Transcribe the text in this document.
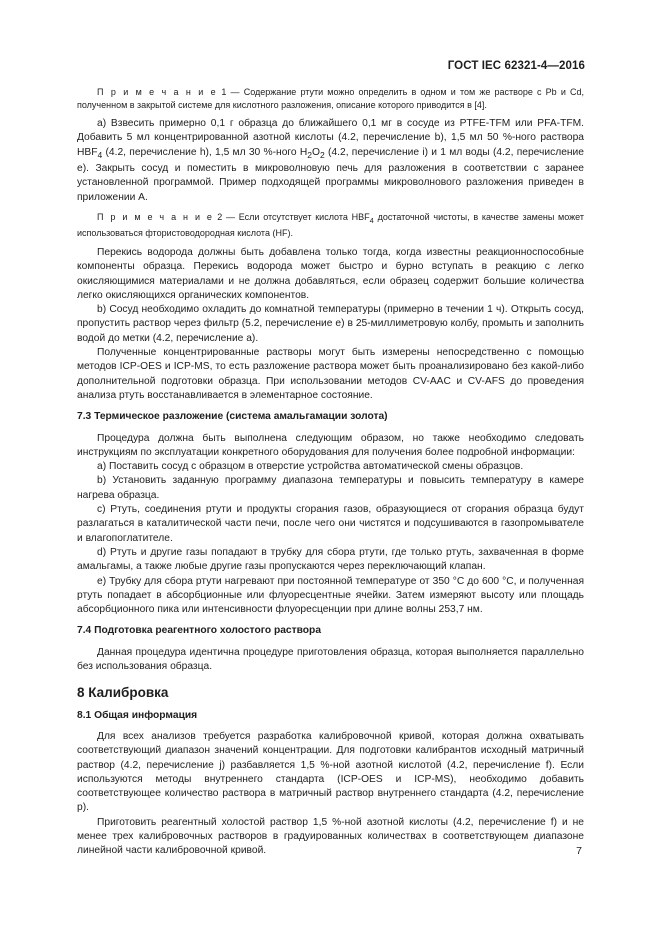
ГОСТ IEC 62321-4—2016

П р и м е ч а н и е 1 — Содержание ртути можно определить в одном и том же растворе с Pb и Cd, полученном в закрытой системе для кислотного разложения, описание которого приводится в [4].

а) Взвесить примерно 0,1 г образца до ближайшего 0,1 мг в сосуде из PTFE-TFM или PFA-TFM. Добавить 5 мл концентрированной азотной кислоты (4.2, перечисление b), 1,5 мл 50 %-ного раствора $HBF_4$ (4.2, перечисление h), 1,5 мл 30 %-ного $H_2O_2$ (4.2, перечисление i) и 1 мл воды (4.2, перечисление е). Закрыть сосуд и поместить в микроволновую печь для разложения в соответствии с заранее установленной программой. Пример подходящей программы микроволнового разложения приведен в приложении А.

П р и м е ч а н и е 2 — Если отсутствует кислота $HBF_4$ достаточной чистоты, в качестве замены может использоваться фтористоводородная кислота (HF).

Перекись водорода должны быть добавлена только тогда, когда известны реакционноспособные компоненты образца. Перекись водорода может быстро и бурно вступать в реакцию с легко окисляющимися материалами и не должна добавляться, если образец содержит большие количества легко окисляющихся органических компонентов.

b) Сосуд необходимо охладить до комнатной температуры (примерно в течении 1 ч). Открыть сосуд, пропустить раствор через фильтр (5.2, перечисление е) в 25-миллиметровую колбу, промыть и заполнить водой до метки (4.2, перечисление а).

Полученные концентрированные растворы могут быть измерены непосредственно с помощью методов ICP-OES и ICP-MS, то есть разложение раствора может быть проанализировано без какой-либо дополнительной подготовки образца. При использовании методов CV-AAC и CV-AFS до проведения анализа ртуть восстанавливается в элементарное состояние.

7.3 Термическое разложение (система амальгамации золота)

Процедура должна быть выполнена следующим образом, но также необходимо следовать инструкциям по эксплуатации конкретного оборудования для получения более подробной информации:

а) Поставить сосуд с образцом в отверстие устройства автоматической смены образцов.

b) Установить заданную программу диапазона температуры и повысить температуру в камере нагрева образца.

с) Ртуть, соединения ртути и продукты сгорания газов, образующиеся от сгорания образца будут разлагаться в каталитической части печи, после чего они чистятся и подсушиваются в газопромывателе и влагопоглатителе.

d) Ртуть и другие газы попадают в трубку для сбора ртути, где только ртуть, захваченная в форме амальгамы, а также любые другие газы пропускаются через переключающий клапан.

е) Трубку для сбора ртути нагревают при постоянной температуре от 350 °С до 600 °С, и полученная ртуть попадает в абсорбционные или флуоресцентные ячейки. Затем измеряют высоту или площадь абсорбционного пика или интенсивности флуоресценции при длине волны 253,7 нм.

7.4 Подготовка реагентного холостого раствора

Данная процедура идентична процедуре приготовления образца, которая выполняется параллельно без использования образца.

8 Калибровка

8.1 Общая информация

Для всех анализов требуется разработка калибровочной кривой, которая должна охватывать соответствующий диапазон значений концентрации. Для подготовки калибрантов исходный матричный раствор (4.2, перечисление j) разбавляется 1,5 %-ной азотной кислотой (4.2, перечисление f). Если используются методы внутреннего стандарта (ICP-OES и ICP-MS), необходимо добавить соответствующее количество раствора в матричный раствор внутреннего стандарта (4.2, перечисление р).

Приготовить реагентный холостой раствор 1,5 %-ной азотной кислоты (4.2, перечисление f) и не менее трех калибровочных растворов в градуированных количествах в соответствующем диапазоне линейной части калибровочной кривой.	7
